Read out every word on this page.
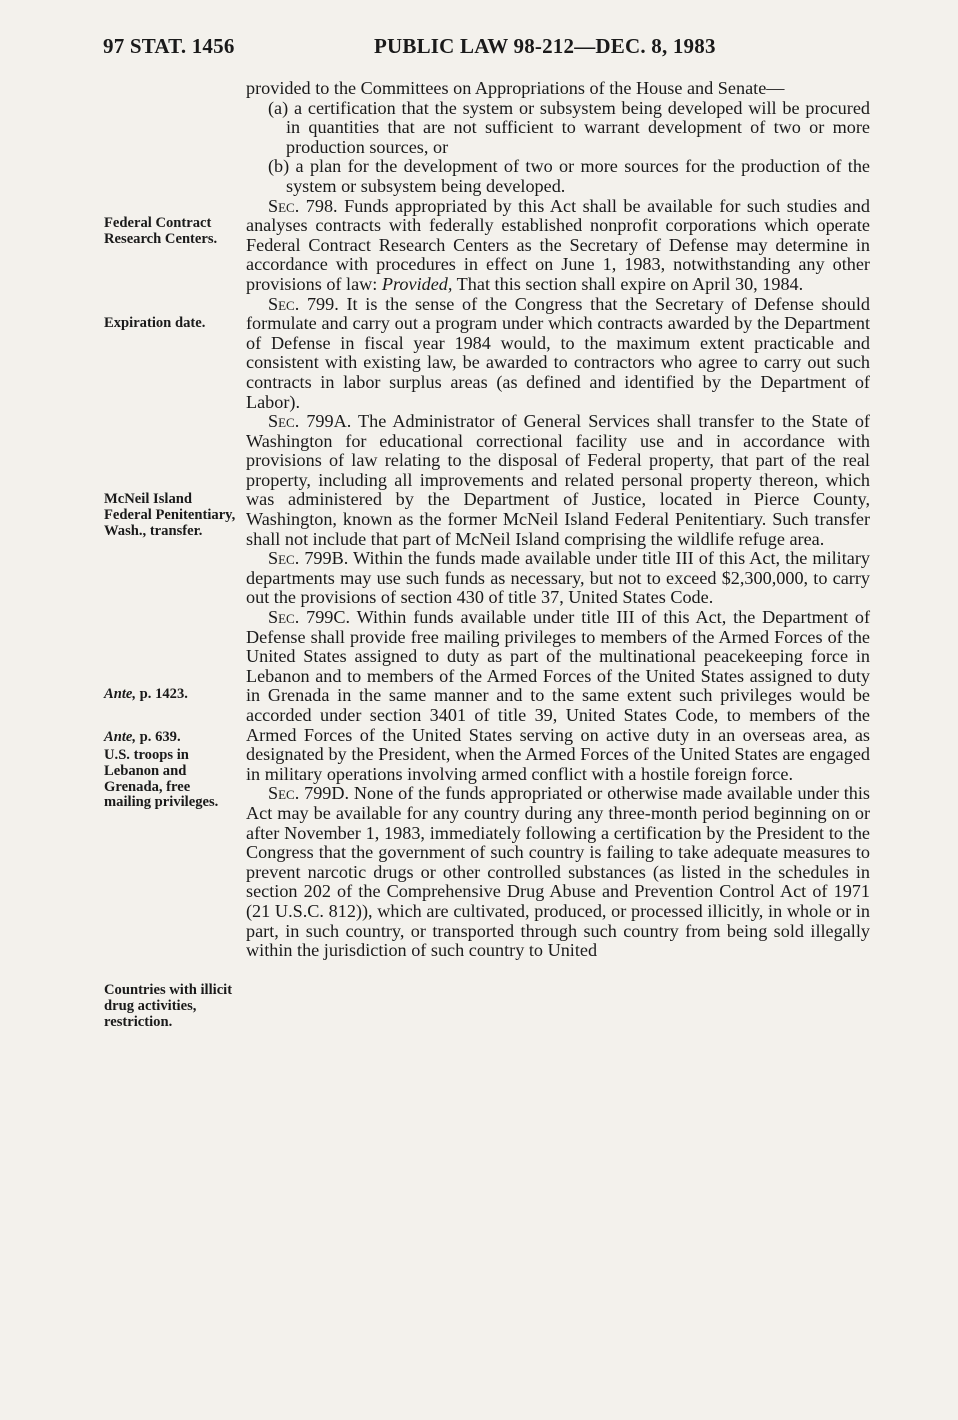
97 STAT. 1456	PUBLIC LAW 98-212—DEC. 8, 1983
Federal Contract Research Centers.
Expiration date.
McNeil Island Federal Penitentiary, Wash., transfer.
Ante, p. 1423.
Ante, p. 639.
U.S. troops in Lebanon and Grenada, free mailing privileges.
Countries with illicit drug activities, restriction.

provided to the Committees on Appropriations of the House and Senate—

(a) a certification that the system or subsystem being developed will be procured in quantities that are not sufficient to warrant development of two or more production sources, or

(b) a plan for the development of two or more sources for the production of the system or subsystem being developed.

Sec. 798. Funds appropriated by this Act shall be available for such studies and analyses contracts with federally established nonprofit corporations which operate Federal Contract Research Centers as the Secretary of Defense may determine in accordance with procedures in effect on June 1, 1983, notwithstanding any other provisions of law: Provided, That this section shall expire on April 30, 1984.

Sec. 799. It is the sense of the Congress that the Secretary of Defense should formulate and carry out a program under which contracts awarded by the Department of Defense in fiscal year 1984 would, to the maximum extent practicable and consistent with existing law, be awarded to contractors who agree to carry out such contracts in labor surplus areas (as defined and identified by the Department of Labor).

Sec. 799A. The Administrator of General Services shall transfer to the State of Washington for educational correctional facility use and in accordance with provisions of law relating to the disposal of Federal property, that part of the real property, including all improvements and related personal property thereon, which was administered by the Department of Justice, located in Pierce County, Washington, known as the former McNeil Island Federal Penitentiary. Such transfer shall not include that part of McNeil Island comprising the wildlife refuge area.

Sec. 799B. Within the funds made available under title III of this Act, the military departments may use such funds as necessary, but not to exceed $2,300,000, to carry out the provisions of section 430 of title 37, United States Code.

Sec. 799C. Within funds available under title III of this Act, the Department of Defense shall provide free mailing privileges to members of the Armed Forces of the United States assigned to duty as part of the multinational peacekeeping force in Lebanon and to members of the Armed Forces of the United States assigned to duty in Grenada in the same manner and to the same extent such privileges would be accorded under section 3401 of title 39, United States Code, to members of the Armed Forces of the United States serving on active duty in an overseas area, as designated by the President, when the Armed Forces of the United States are engaged in military operations involving armed conflict with a hostile foreign force.

Sec. 799D. None of the funds appropriated or otherwise made available under this Act may be available for any country during any three-month period beginning on or after November 1, 1983, immediately following a certification by the President to the Congress that the government of such country is failing to take adequate measures to prevent narcotic drugs or other controlled substances (as listed in the schedules in section 202 of the Comprehensive Drug Abuse and Prevention Control Act of 1971 (21 U.S.C. 812)), which are cultivated, produced, or processed illicitly, in whole or in part, in such country, or transported through such country from being sold illegally within the jurisdiction of such country to United
